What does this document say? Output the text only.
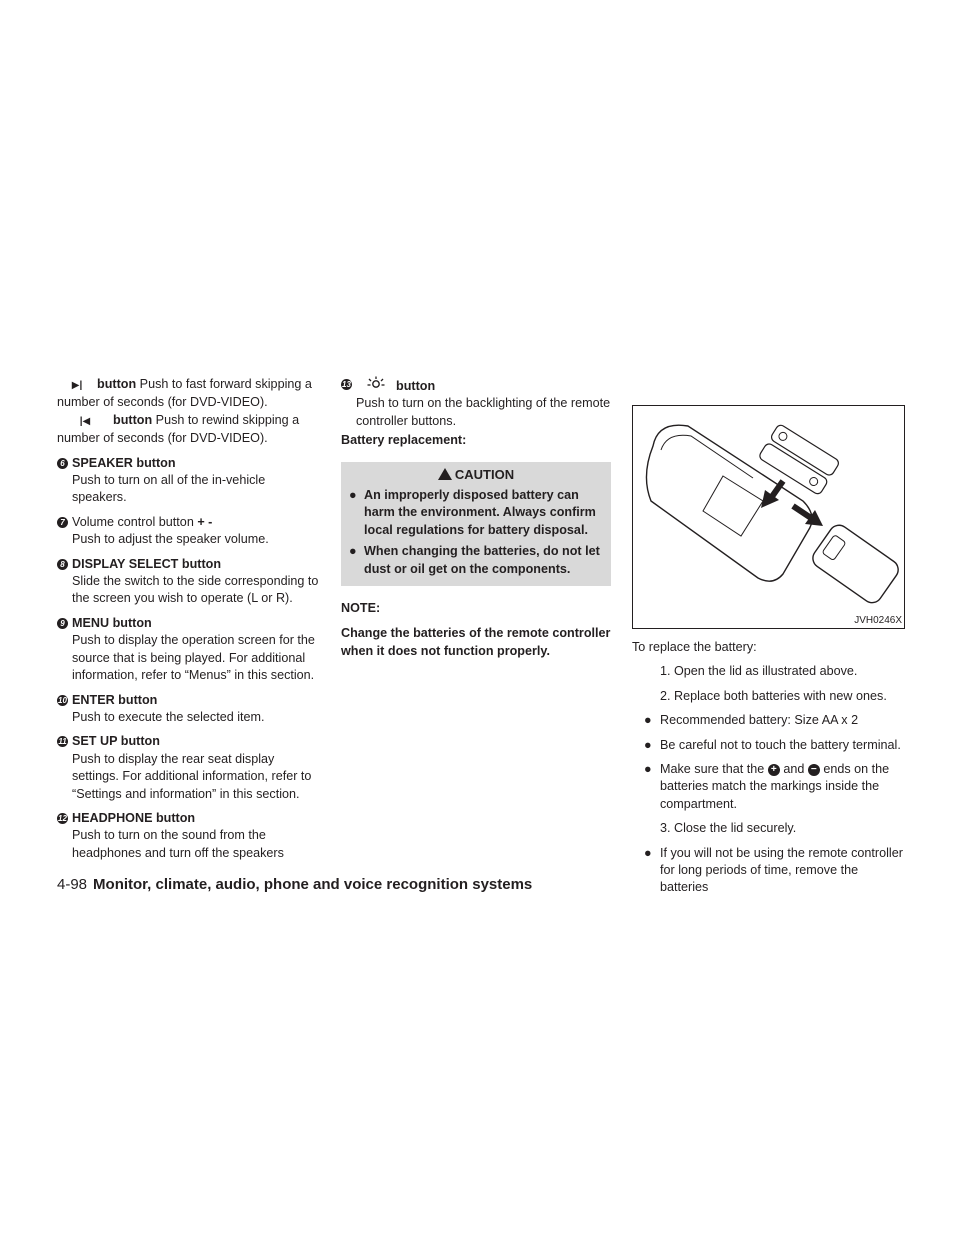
▶| button Push to fast forward skipping a number of seconds (for DVD-VIDEO).

|◀ button Push to rewind skipping a number of seconds (for DVD-VIDEO).

6 SPEAKER button
Push to turn on all of the in-vehicle speakers.
7 Volume control button + -
Push to adjust the speaker volume.
8 DISPLAY SELECT button
Slide the switch to the side corresponding to the screen you wish to operate (L or R).
9 MENU button
Push to display the operation screen for the source that is being played. For additional information, refer to “Menus” in this section.
10 ENTER button
Push to execute the selected item.
11 SET UP button
Push to display the rear seat display settings. For additional information, refer to “Settings and information” in this section.
12 HEADPHONE button
Push to turn on the sound from the headphones and turn off the speakers
13	button
Push to turn on the backlighting of the remote controller buttons.

Battery replacement:

CAUTION
● An improperly disposed battery can harm the environment. Always confirm local regulations for battery disposal.
● When changing the batteries, do not let dust or oil get on the components.

NOTE:

Change the batteries of the remote controller when it does not function properly.

JVH0246X

To replace the battery:

1. Open the lid as illustrated above.
2. Replace both batteries with new ones.
● Recommended battery: Size AA x 2
● Be careful not to touch the battery terminal.
● Make sure that the + and − ends on the batteries match the markings inside the compartment.
3. Close the lid securely.
● If you will not be using the remote controller for long periods of time, remove the batteries
4-98 Monitor, climate, audio, phone and voice recognition systems
